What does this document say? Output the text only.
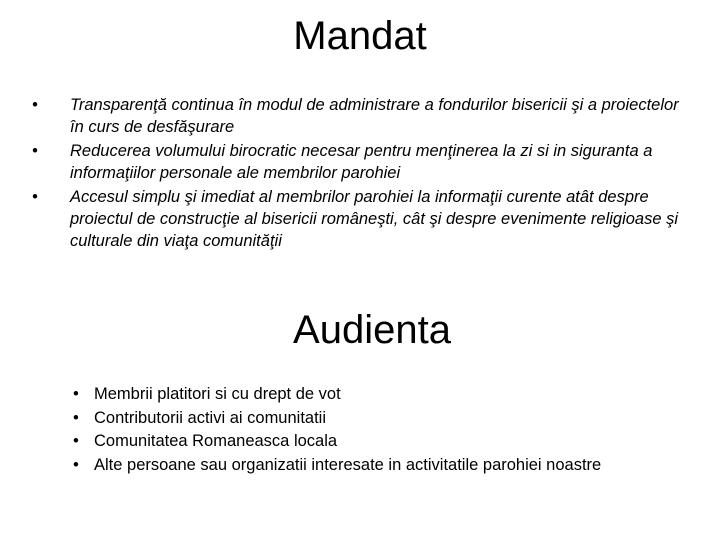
Mandat
• Transparenţă continua în modul de administrare a fondurilor bisericii şi a proiectelor în curs de desfăşurare
• Reducerea volumului birocratic necesar pentru menţinerea la zi si in siguranta a informaţiilor personale ale membrilor parohiei
• Accesul simplu şi imediat al membrilor parohiei la informaţii curente atât despre proiectul de construcţie al bisericii româneşti, cât şi despre evenimente religioase şi culturale din viaţa comunităţii
Audienta
• Membrii platitori si cu drept de vot
• Contributorii activi ai comunitatii
• Comunitatea Romaneasca locala
• Alte persoane sau organizatii interesate in activitatile parohiei noastre
